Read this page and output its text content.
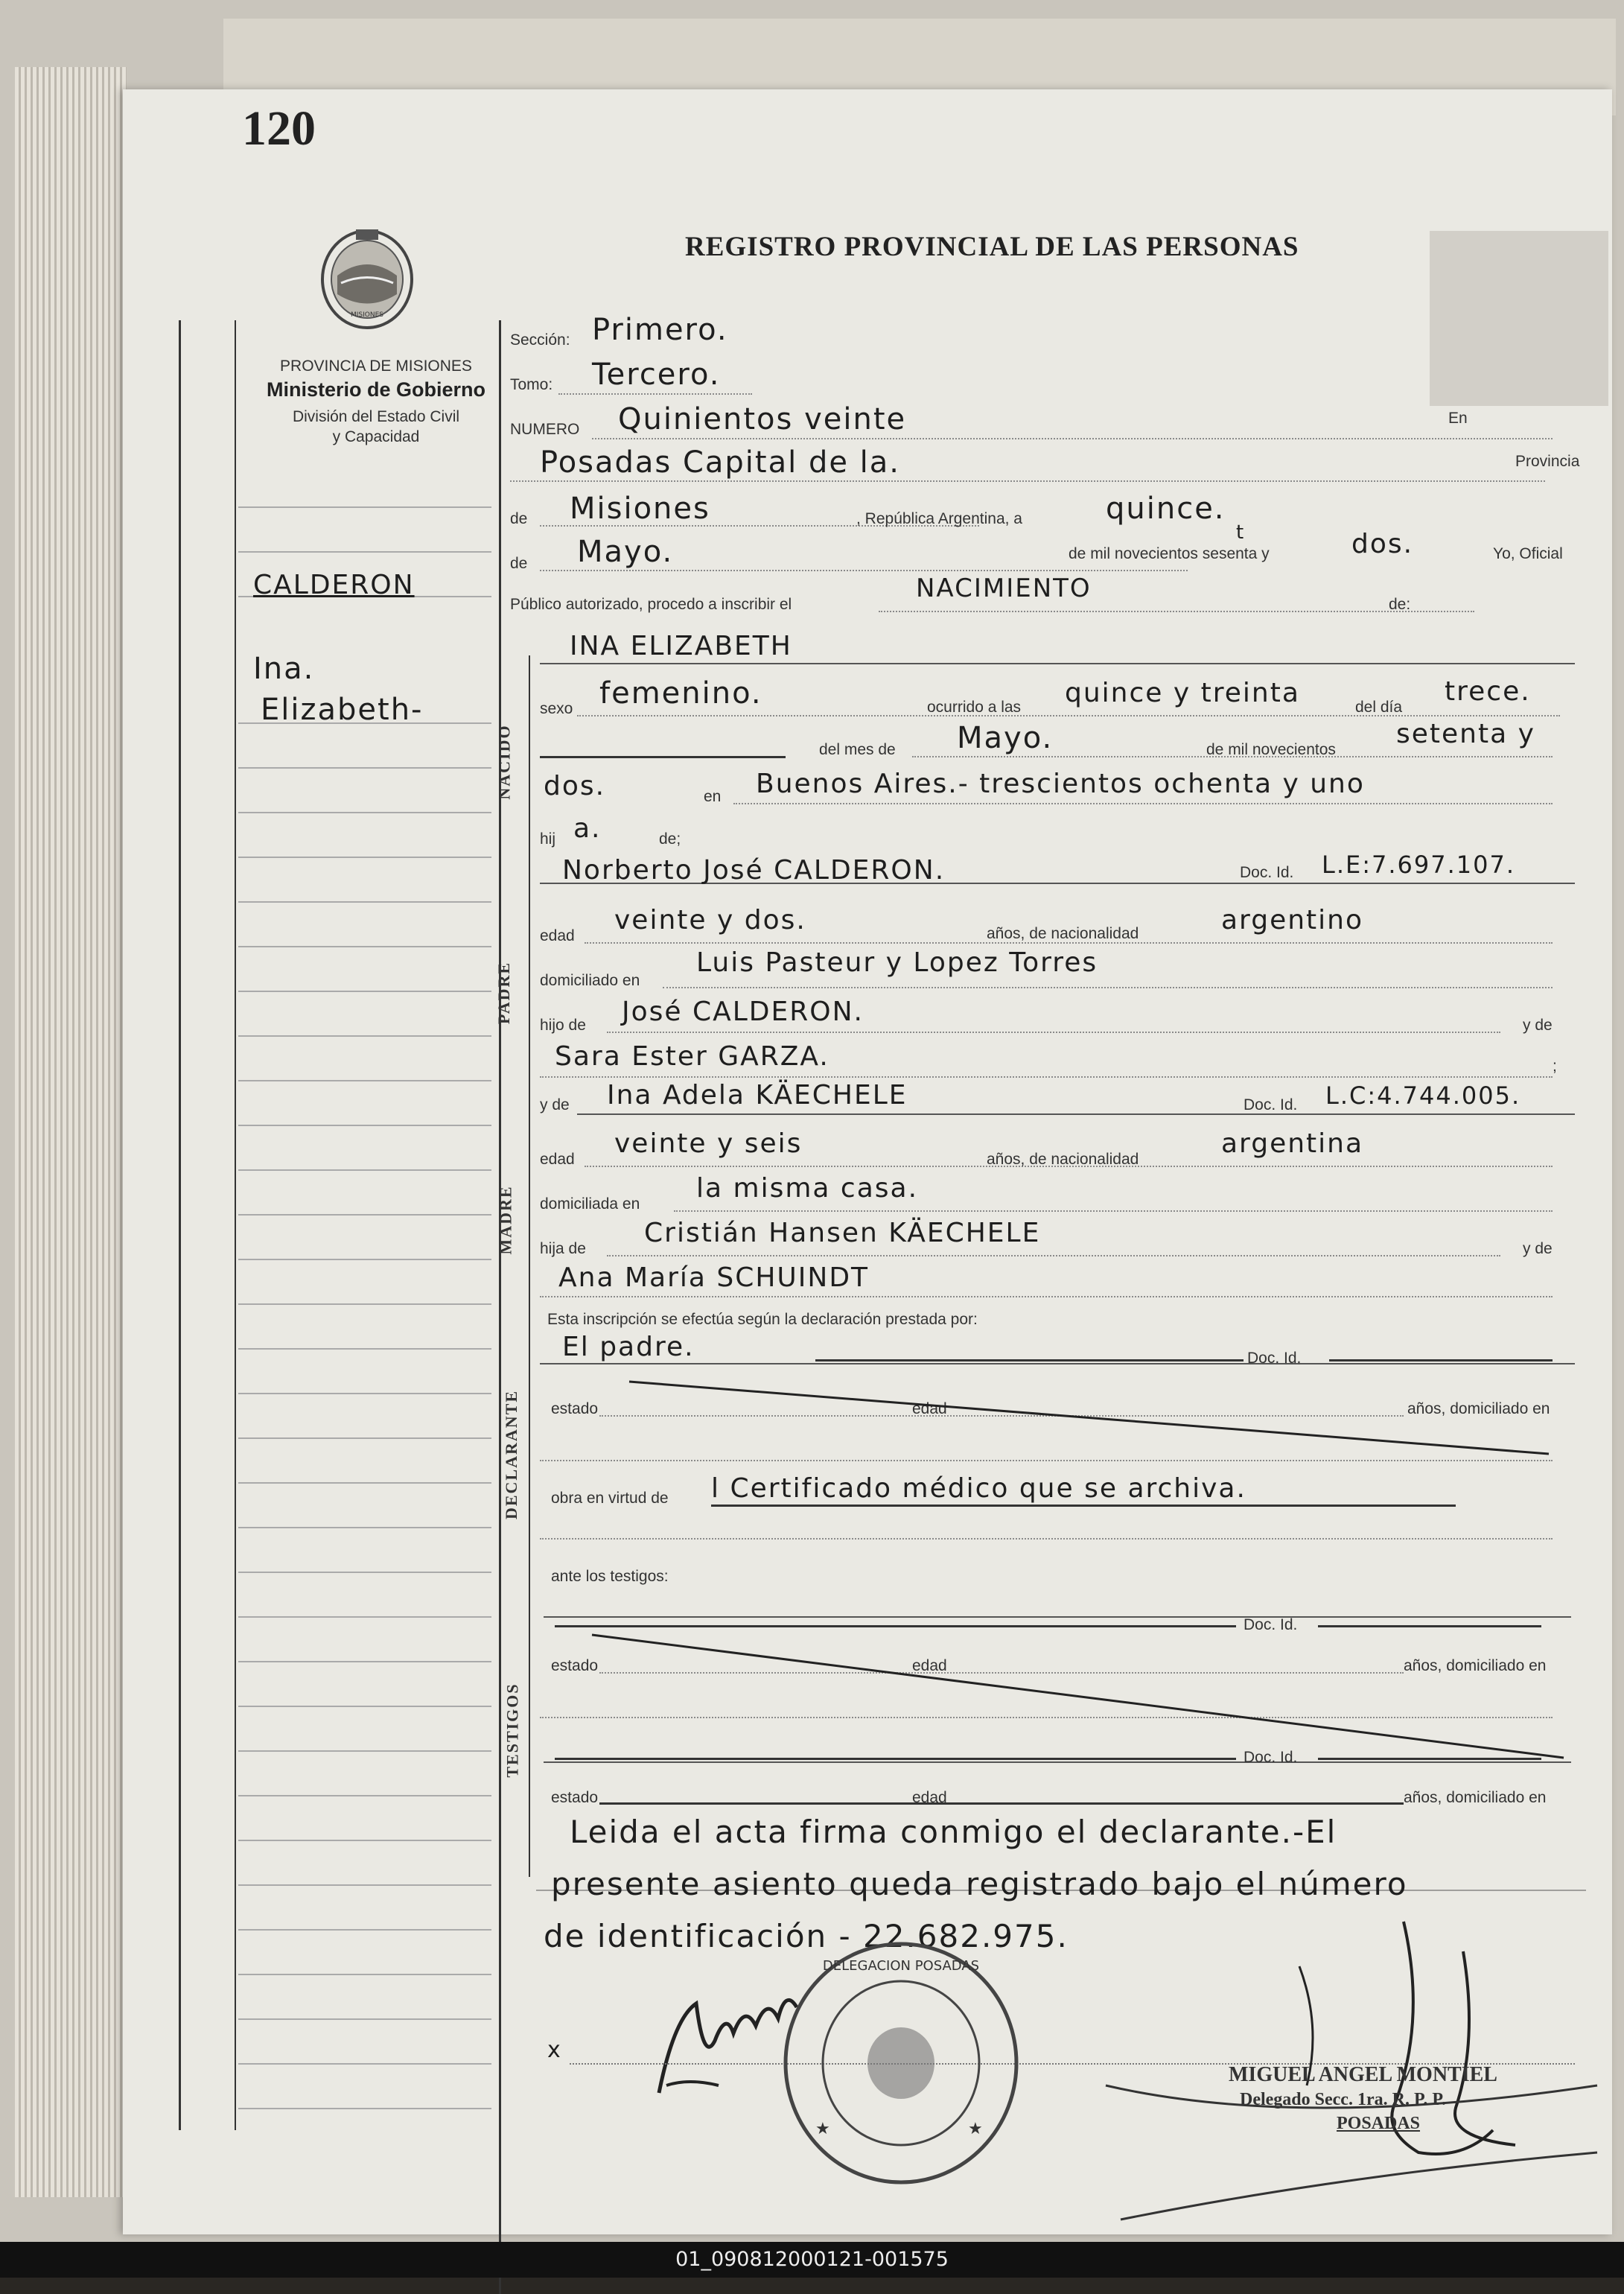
120
REGISTRO PROVINCIAL DE LAS PERSONAS
MISIONES
PROVINCIA DE MISIONES
Ministerio de Gobierno
División del Estado Civil
y Capacidad
CALDERON
Ina.
Elizabeth-
Sección: Primero.
Tomo: Tercero.
NUMERO Quinientos veinte	En
Posadas Capital de la.	Provincia
de Misiones	, República Argentina, a	quince.
de Mayo.	de mil novecientos sesenta y
t	dos.	Yo, Oficial
Público autorizado, procedo a inscribir el
NACIMIENTO
de:
NACIDO
INA ELIZABETH
sexo femenino.	ocurrido a las quince y treinta	del día
trece.
del mes de Mayo.	de mil novecientos
setenta y
dos.	en Buenos Aires.- trescientos ochenta y uno
hij a.	de;
PADRE
Norberto José CALDERON.	Doc. Id. L.E:7.697.107.
edad
veinte y dos.	años, de nacionalidad	argentino
domiciliado en
Luis Pasteur y Lopez Torres
hijo de José CALDERON.	y de
Sara Ester GARZA.	;
MADRE
y de Ina Adela KÄECHELE	Doc. Id. L.C:4.744.005.
edad
veinte y seis
años, de nacionalidad
argentina
domiciliada en
la misma casa.
hija de
Cristián Hansen KÄECHELE
y de
Ana María SCHUINDT
DECLARANTE
Esta inscripción se efectúa según la declaración prestada por:
El padre.	Doc. Id.
estado	edad	años, domiciliado en
obra en virtud de l Certificado médico que se archiva.
ante los testigos:
TESTIGOS
Doc. Id.
estado	edad	años, domiciliado en
Doc. Id.
estado	edad	años, domiciliado en
Leida el acta firma conmigo el declarante.-El
presente asiento queda registrado bajo el número
de identificación - 22.682.975.
x
DELEGACION POSADAS
★	★
MIGUEL ANGEL MONTIEL
Delegado Secc. 1ra. R. P. P.
POSADAS
01_090812000121-001575
